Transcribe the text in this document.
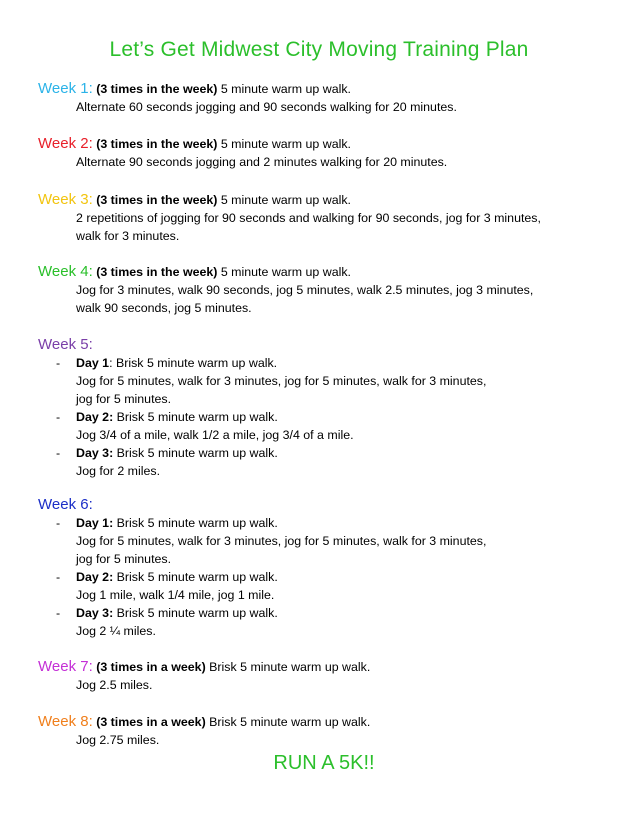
Let’s Get Midwest City Moving Training Plan
Week 1: (3 times in the week) 5 minute warm up walk.
Alternate 60 seconds jogging and 90 seconds walking for 20 minutes.
Week 2: (3 times in the week) 5 minute warm up walk.
Alternate 90 seconds jogging and 2 minutes walking for 20 minutes.
Week 3: (3 times in the week) 5 minute warm up walk.
2 repetitions of jogging for 90 seconds and walking for 90 seconds, jog for 3 minutes,
walk for 3 minutes.
Week 4: (3 times in the week) 5 minute warm up walk.
Jog for 3 minutes, walk 90 seconds, jog 5 minutes, walk 2.5 minutes, jog 3 minutes,
walk 90 seconds, jog 5 minutes.
Week 5:
- Day 1: Brisk 5 minute warm up walk.
Jog for 5 minutes, walk for 3 minutes, jog for 5 minutes, walk for 3 minutes,
jog for 5 minutes.
- Day 2: Brisk 5 minute warm up walk.
Jog 3/4 of a mile, walk 1/2 a mile, jog 3/4 of a mile.
- Day 3: Brisk 5 minute warm up walk.
Jog for 2 miles.
Week 6:
- Day 1: Brisk 5 minute warm up walk.
Jog for 5 minutes, walk for 3 minutes, jog for 5 minutes, walk for 3 minutes,
jog for 5 minutes.
- Day 2: Brisk 5 minute warm up walk.
Jog 1 mile, walk 1/4 mile, jog 1 mile.
- Day 3: Brisk 5 minute warm up walk.
Jog 2 ¼ miles.
Week 7: (3 times in a week) Brisk 5 minute warm up walk.
Jog 2.5 miles.
Week 8: (3 times in a week) Brisk 5 minute warm up walk.
Jog 2.75 miles.
RUN A 5K!!
